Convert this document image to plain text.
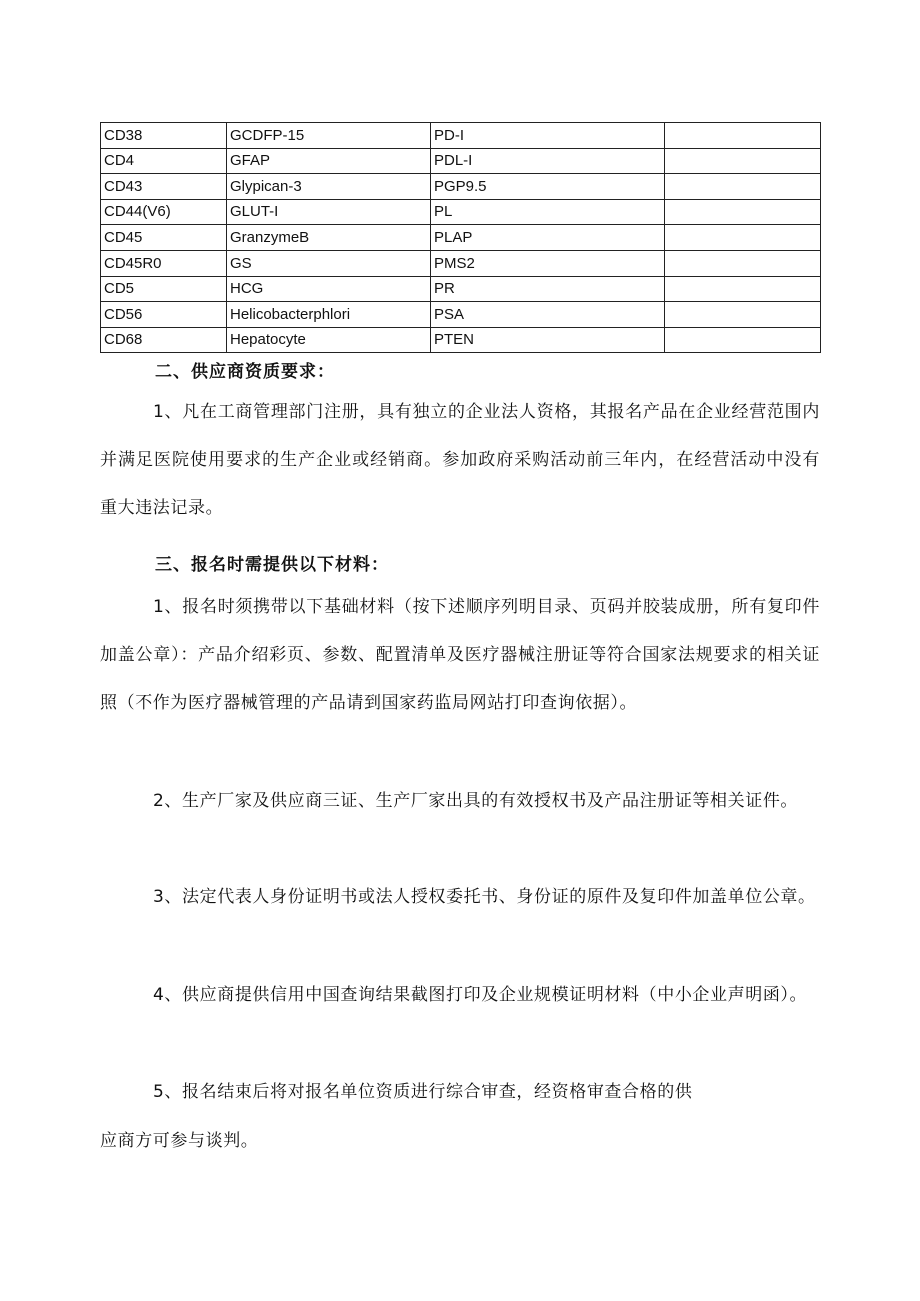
CD38	GCDFP-15	PD-I	
CD4	GFAP	PDL-I	
CD43	Glypican-3	PGP9.5	
CD44(V6)	GLUT-I	PL	
CD45	GranzymeB	PLAP	
CD45R0	GS	PMS2	
CD5	HCG	PR	
CD56	Helicobacterphlori	PSA	
CD68	Hepatocyte	PTEN	
二、供应商资质要求：
1、凡在工商管理部门注册，具有独立的企业法人资格，其报名产品在企业经营范围内并满足医院使用要求的生产企业或经销商。参加政府采购活动前三年内，在经营活动中没有重大违法记录。
三、报名时需提供以下材料：
1、报名时须携带以下基础材料（按下述顺序列明目录、页码并胶装成册，所有复印件加盖公章）：产品介绍彩页、参数、配置清单及医疗器械注册证等符合国家法规要求的相关证照（不作为医疗器械管理的产品请到国家药监局网站打印查询依据）。
2、生产厂家及供应商三证、生产厂家出具的有效授权书及产品注册证等相关证件。
3、法定代表人身份证明书或法人授权委托书、身份证的原件及复印件加盖单位公章。
4、供应商提供信用中国查询结果截图打印及企业规模证明材料（中小企业声明函）。
5、报名结束后将对报名单位资质进行综合审查，经资格审查合格的供
应商方可参与谈判。
